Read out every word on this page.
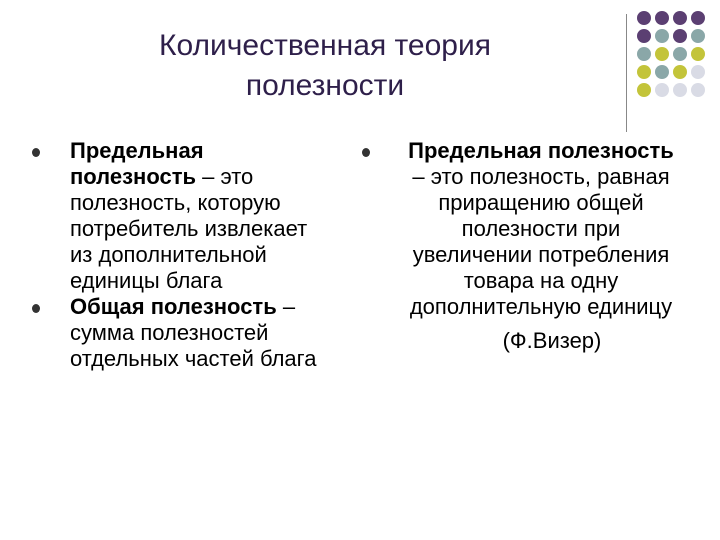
Количественная теория
полезности
Предельная полезность – это полезность, которую потребитель извлекает из дополнительной единицы блага
Общая полезность – сумма полезностей отдельных частей блага
Предельная полезность – это полезность, равная приращению общей полезности при увеличении потребления товара на одну дополнительную единицу
(Ф.Визер)
